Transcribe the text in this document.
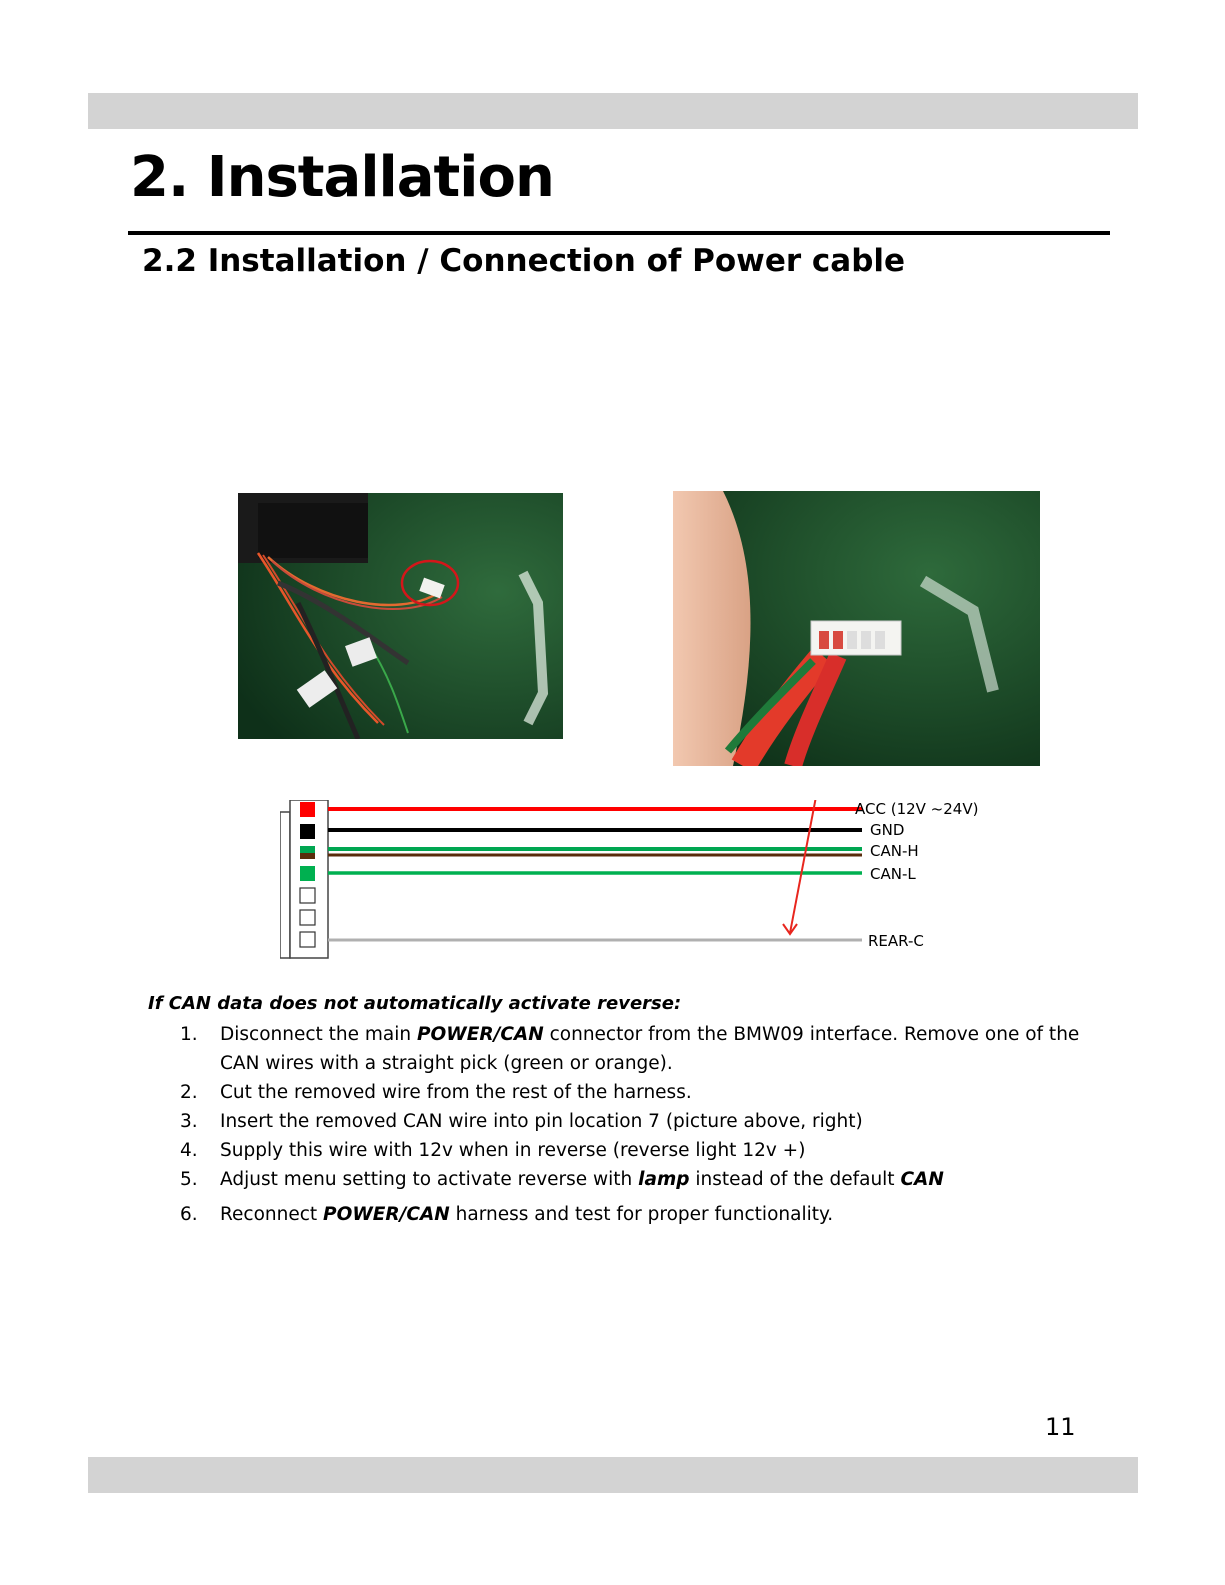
2. Installation
2.2 Installation / Connection of Power cable
ACC (12V ~24V)
GND
CAN-H
CAN-L
REAR-C

If CAN data does not automatically activate reverse:

1. Disconnect the main POWER/CAN connector from the BMW09 interface. Remove one of the CAN wires with a straight pick (green or orange).
2. Cut the removed wire from the rest of the harness.
3. Insert the removed CAN wire into pin location 7 (picture above, right)
4. Supply this wire with 12v when in reverse (reverse light 12v +)
5. Adjust menu setting to activate reverse with lamp instead of the default CAN
6. Reconnect POWER/CAN harness and test for proper functionality.
11
